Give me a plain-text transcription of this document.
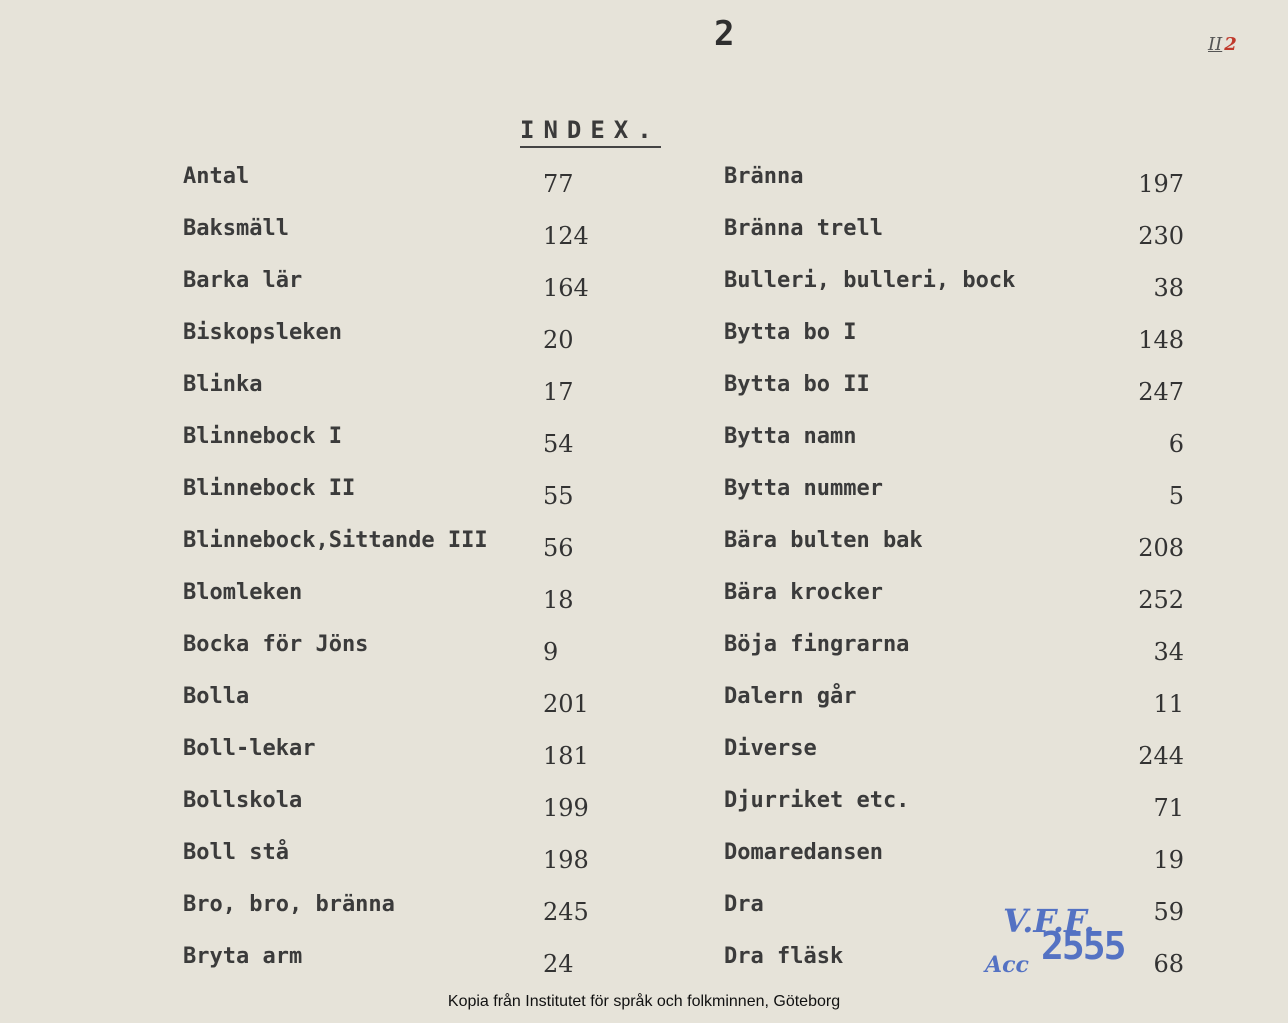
2	II 2
INDEX.
Antal	77
Baksmäll	124
Barka lär	164
Biskopsleken	20
Blinka	17
Blinnebock I	54
Blinnebock II	55
Blinnebock,Sittande III 56
Blomleken	18
Bocka för Jöns	9
Bolla	201
Boll-lekar	181
Bollskola	199
Boll stå	198
Bro, bro, bränna	245
Bryta arm	24
Bränna	197
Bränna trell	230
Bulleri, bulleri, bock	38
Bytta bo I	148
Bytta bo II	247
Bytta namn	6
Bytta nummer	5
Bära bulten bak	208
Bära krocker	252
Böja fingrarna	34
Dalern går	11
Diverse	244
Djurriket etc.	71
Domaredansen	19
Dra	59
Dra fläsk	68
V.F.F.
Acc 2555
Kopia från Institutet för språk och folkminnen, Göteborg
